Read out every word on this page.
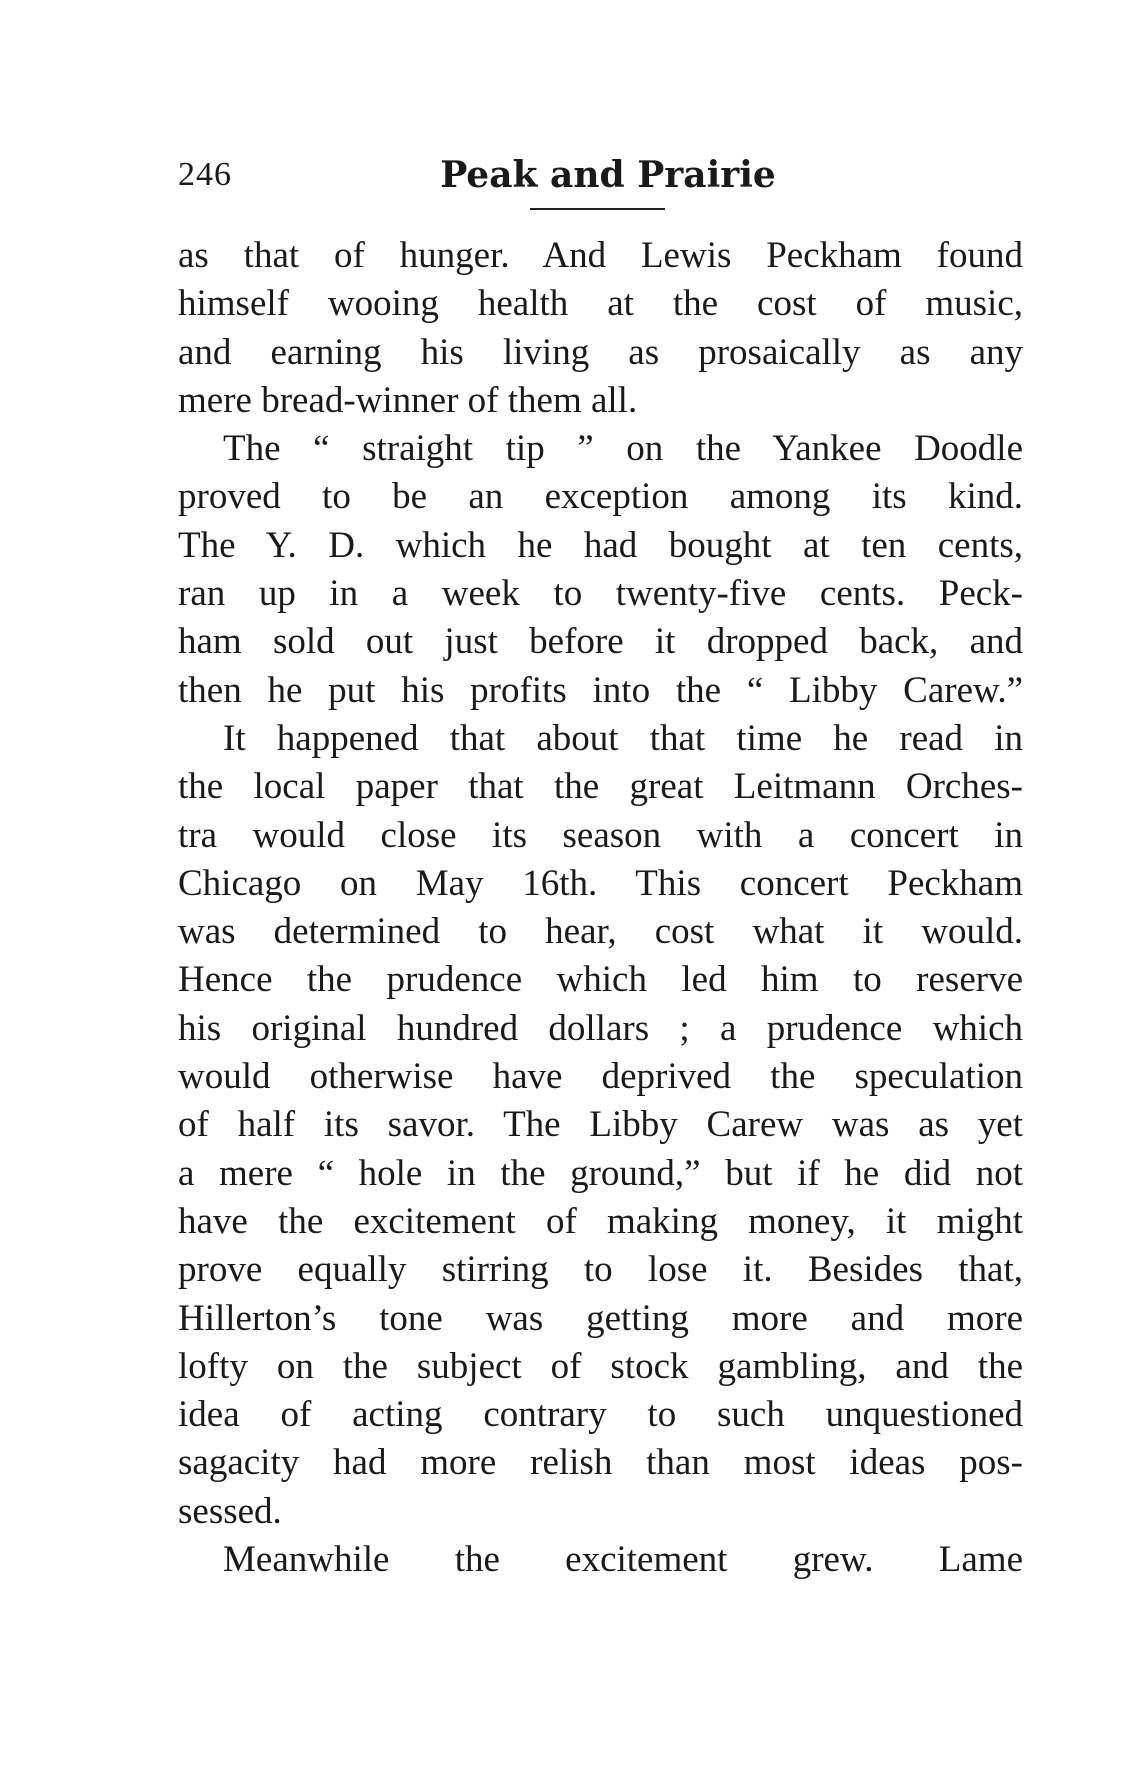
246	Peak and Prairie
as that of hunger. And Lewis Peckham found
himself wooing health at the cost of music,
and earning his living as prosaically as any
mere bread-winner of them all.
The “ straight tip ” on the Yankee Doodle
proved to be an exception among its kind.
The Y. D. which he had bought at ten cents,
ran up in a week to twenty-five cents. Peck-
ham sold out just before it dropped back, and
then he put his profits into the “ Libby Carew.”
It happened that about that time he read in
the local paper that the great Leitmann Orches-
tra would close its season with a concert in
Chicago on May 16th. This concert Peckham
was determined to hear, cost what it would.
Hence the prudence which led him to reserve
his original hundred dollars ; a prudence which
would otherwise have deprived the speculation
of half its savor. The Libby Carew was as yet
a mere “ hole in the ground,” but if he did not
have the excitement of making money, it might
prove equally stirring to lose it. Besides that,
Hillerton’s tone was getting more and more
lofty on the subject of stock gambling, and the
idea of acting contrary to such unquestioned
sagacity had more relish than most ideas pos-
sessed.
Meanwhile the excitement grew. Lame
